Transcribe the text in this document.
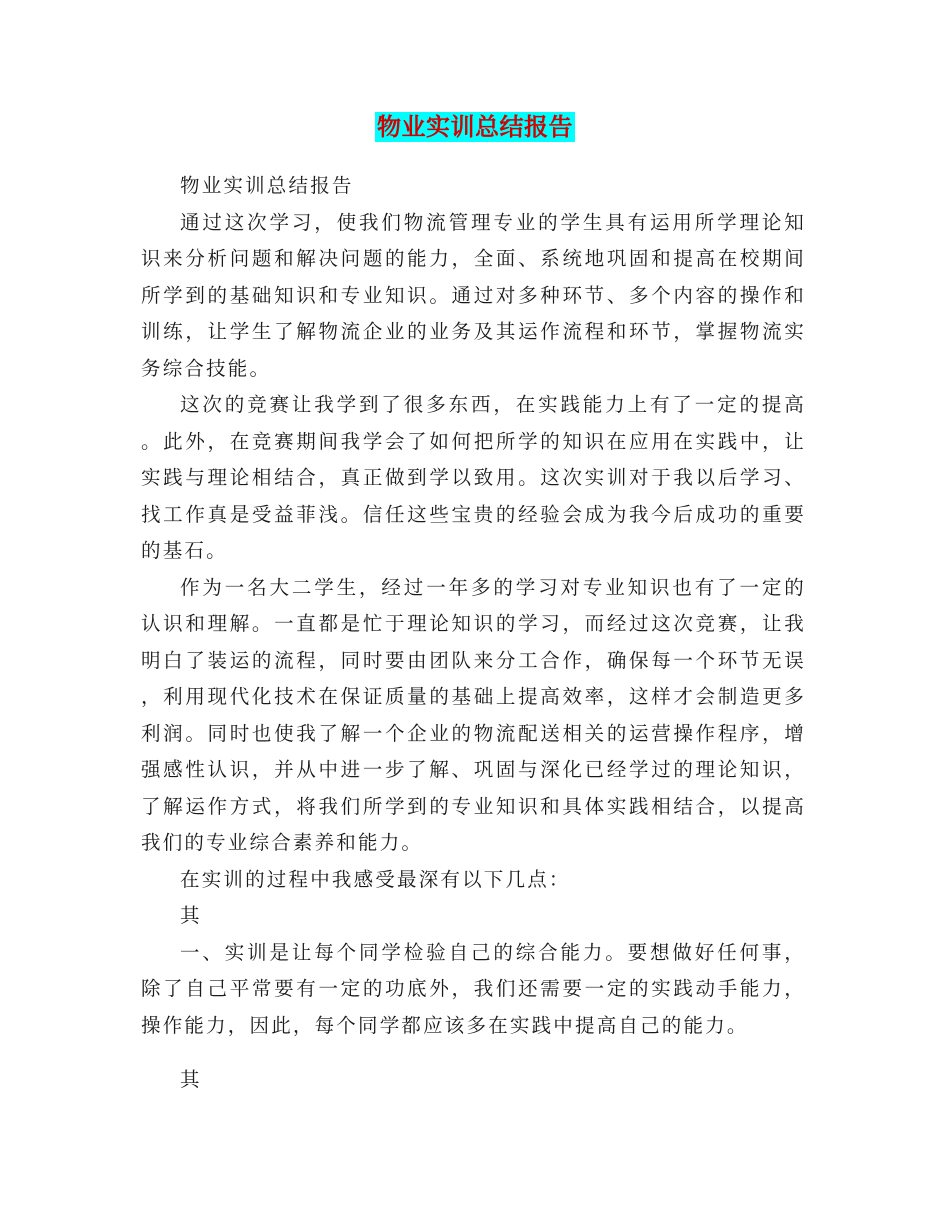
物业实训总结报告

物业实训总结报告

通过这次学习，使我们物流管理专业的学生具有运用所学理论知识来分析问题和解决问题的能力，全面、系统地巩固和提高在校期间所学到的基础知识和专业知识。通过对多种环节、多个内容的操作和训练，让学生了解物流企业的业务及其运作流程和环节，掌握物流实务综合技能。

这次的竞赛让我学到了很多东西，在实践能力上有了一定的提高。此外，在竞赛期间我学会了如何把所学的知识在应用在实践中，让实践与理论相结合，真正做到学以致用。这次实训对于我以后学习、找工作真是受益菲浅。信任这些宝贵的经验会成为我今后成功的重要的基石。

作为一名大二学生，经过一年多的学习对专业知识也有了一定的认识和理解。一直都是忙于理论知识的学习，而经过这次竞赛，让我明白了装运的流程，同时要由团队来分工合作，确保每一个环节无误，利用现代化技术在保证质量的基础上提高效率，这样才会制造更多利润。同时也使我了解一个企业的物流配送相关的运营操作程序，增强感性认识，并从中进一步了解、巩固与深化已经学过的理论知识，了解运作方式，将我们所学到的专业知识和具体实践相结合，以提高我们的专业综合素养和能力。

在实训的过程中我感受最深有以下几点：

其

一、实训是让每个同学检验自己的综合能力。要想做好任何事，除了自己平常要有一定的功底外，我们还需要一定的实践动手能力，操作能力，因此，每个同学都应该多在实践中提高自己的能力。

其
